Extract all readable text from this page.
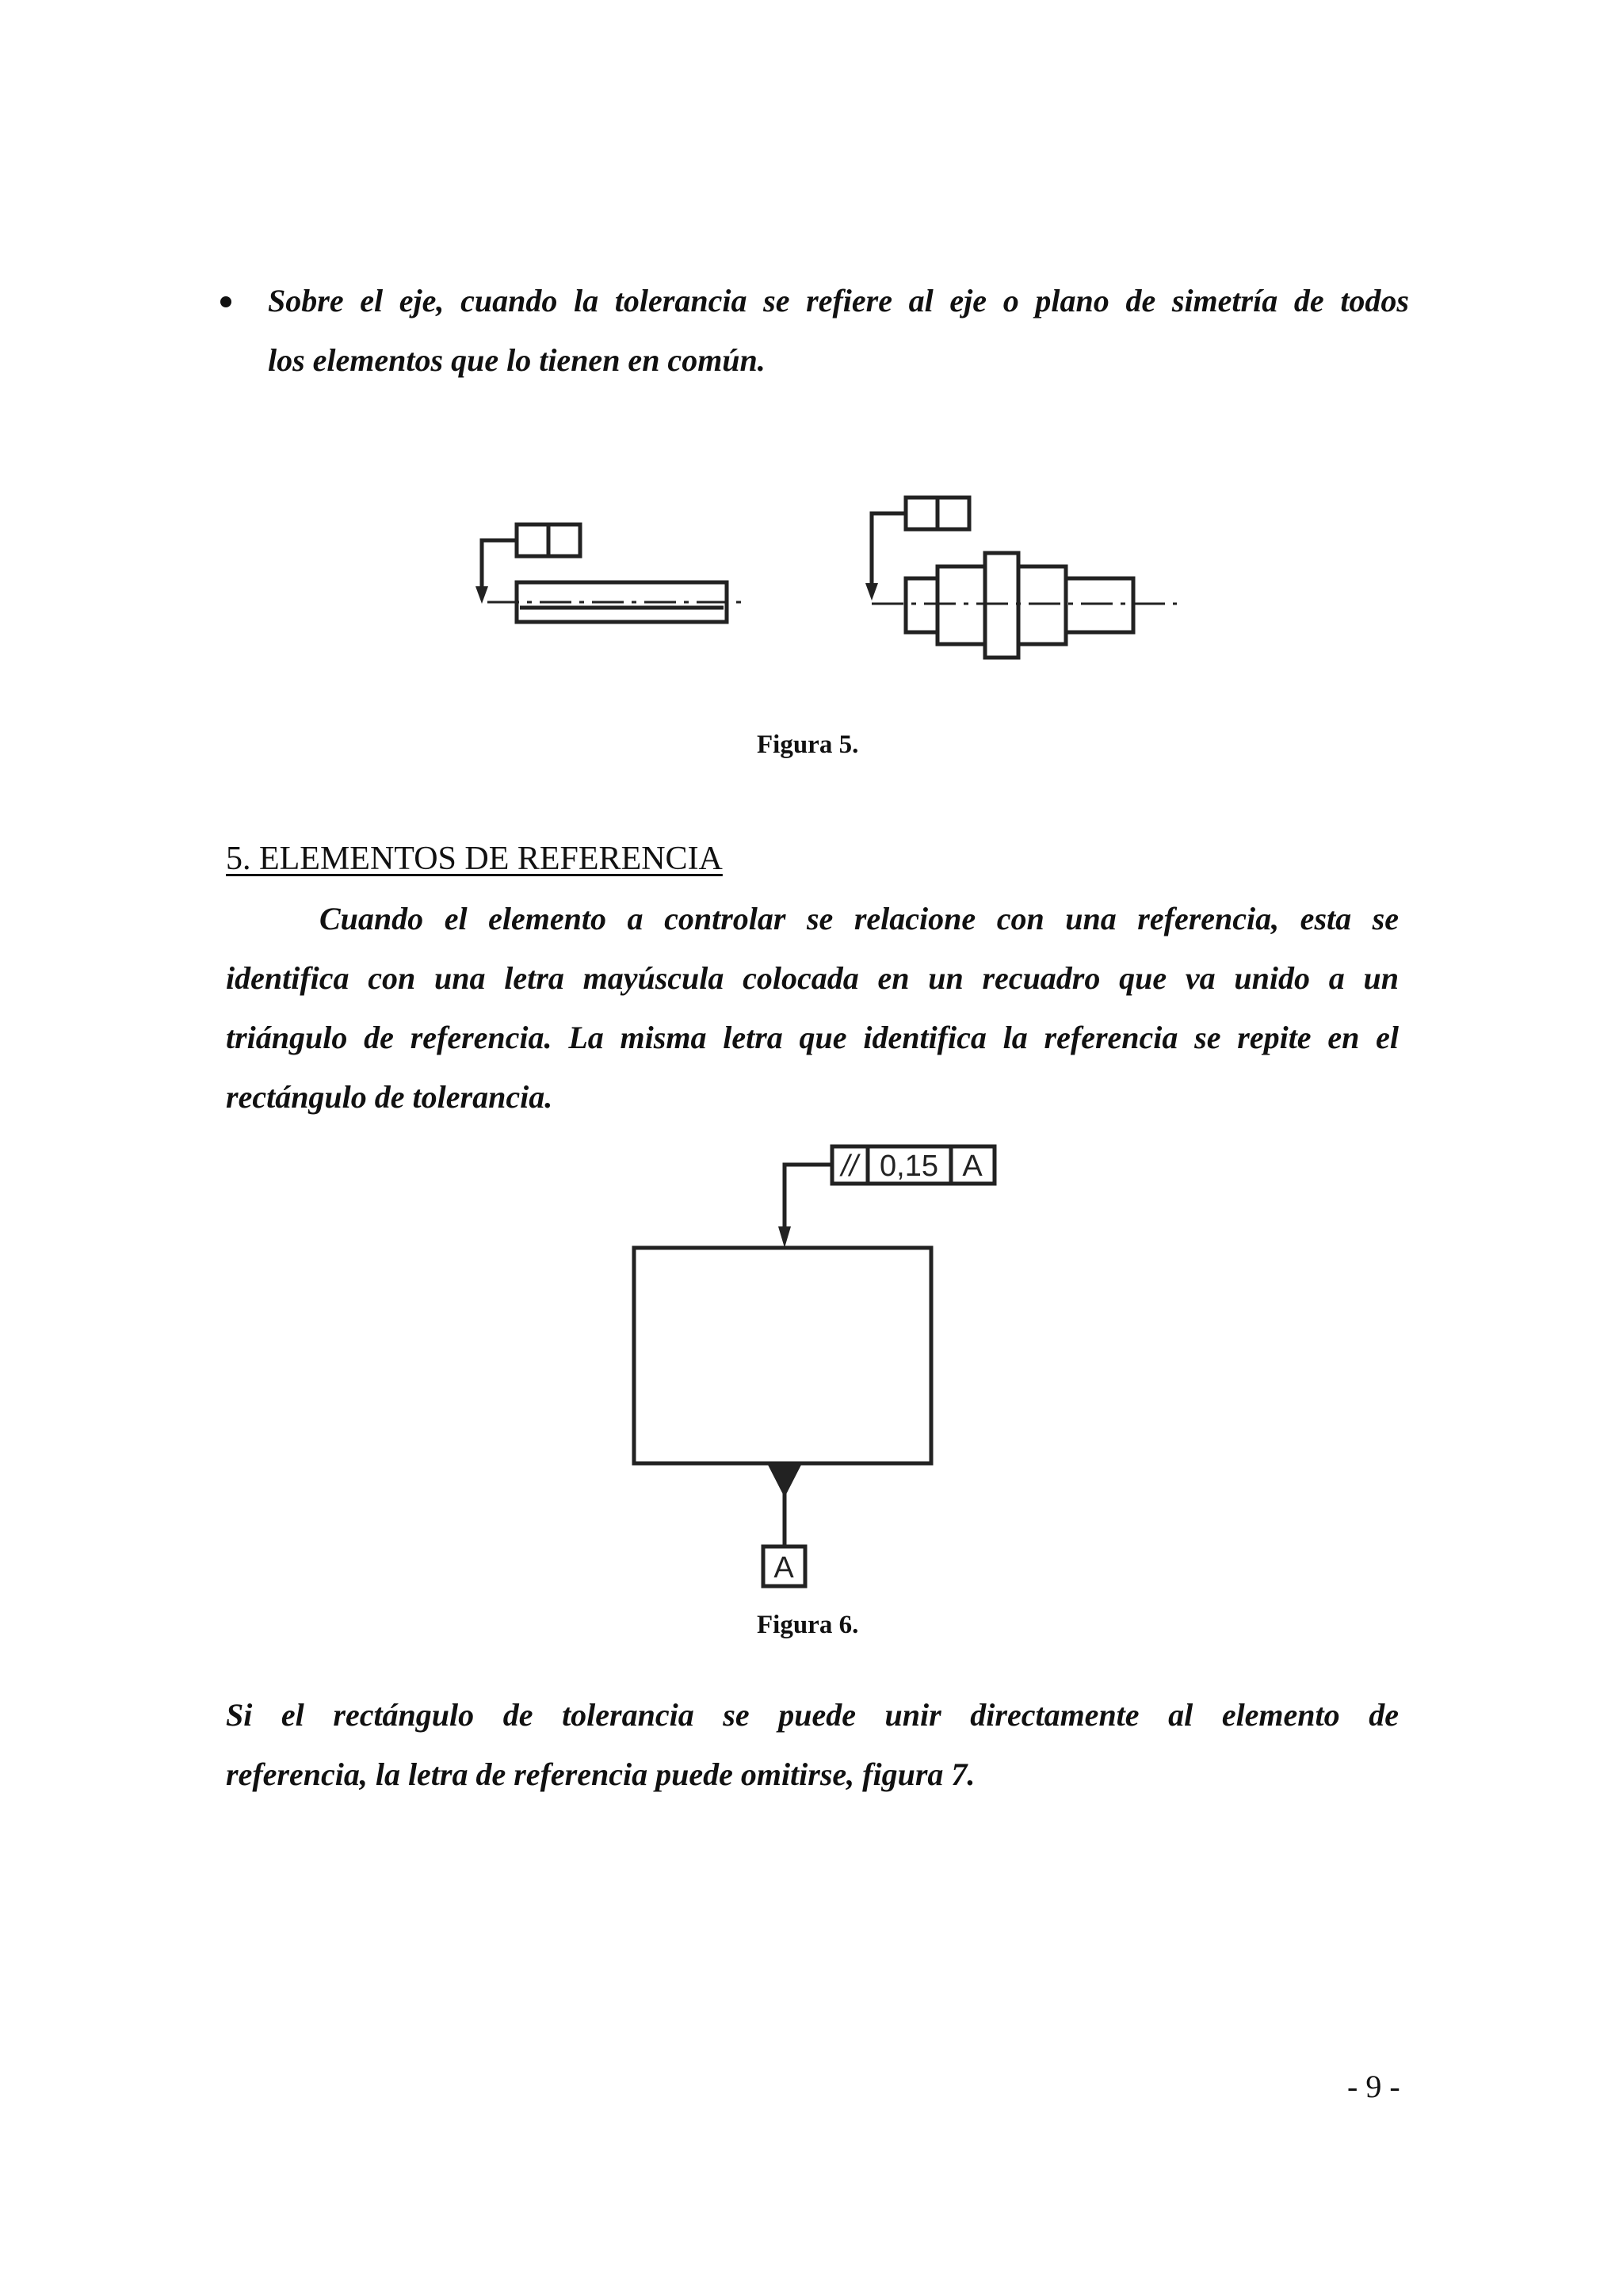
Sobre el eje, cuando la tolerancia se refiere al eje o plano de simetría de todos
los elementos que lo tienen en común.
Figura 5.
5. ELEMENTOS DE REFERENCIA
Cuando el elemento a controlar se relacione con una referencia, esta se
identifica con una letra mayúscula colocada en un recuadro que va unido a un
triángulo de referencia. La misma letra que identifica la referencia se repite en el
rectángulo de tolerancia.
// 0,15 A
A
Figura 6.
Si el rectángulo de tolerancia se puede unir directamente al elemento de
referencia, la letra de referencia puede omitirse, figura 7.
- 9 -
